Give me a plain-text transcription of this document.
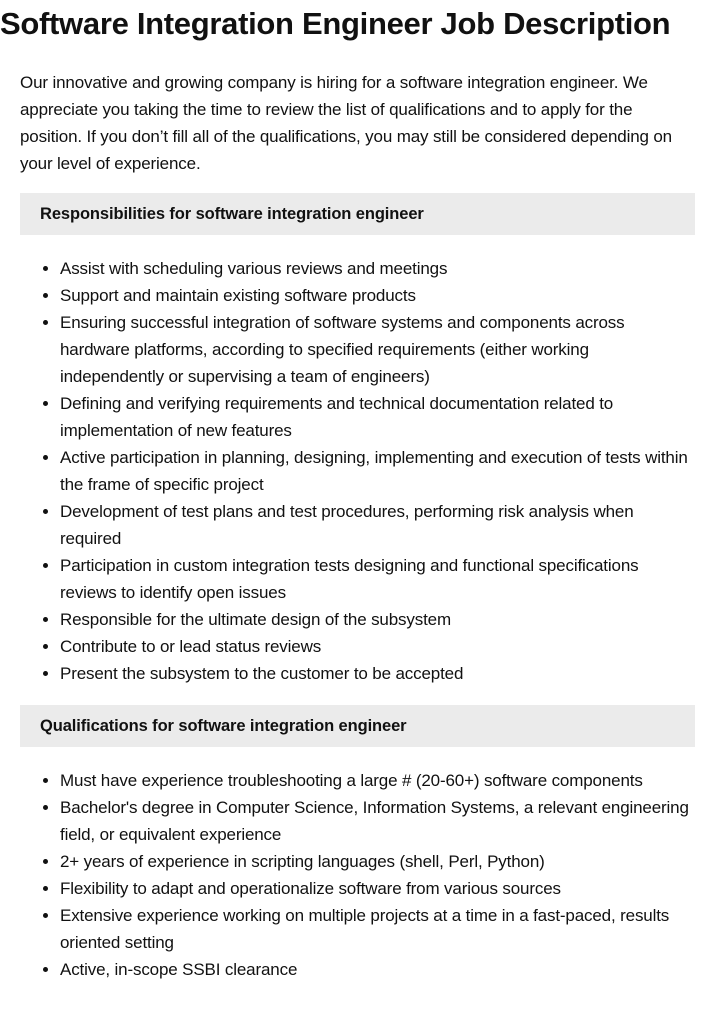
Software Integration Engineer Job Description

Our innovative and growing company is hiring for a software integration engineer. We appreciate you taking the time to review the list of qualifications and to apply for the position. If you don’t fill all of the qualifications, you may still be considered depending on your level of experience.

Responsibilities for software integration engineer
• Assist with scheduling various reviews and meetings
• Support and maintain existing software products
• Ensuring successful integration of software systems and components across hardware platforms, according to specified requirements (either working independently or supervising a team of engineers)
• Defining and verifying requirements and technical documentation related to implementation of new features
• Active participation in planning, designing, implementing and execution of tests within the frame of specific project
• Development of test plans and test procedures, performing risk analysis when required
• Participation in custom integration tests designing and functional specifications reviews to identify open issues
• Responsible for the ultimate design of the subsystem
• Contribute to or lead status reviews
• Present the subsystem to the customer to be accepted
Qualifications for software integration engineer
• Must have experience troubleshooting a large # (20-60+) software components
• Bachelor's degree in Computer Science, Information Systems, a relevant engineering field, or equivalent experience
• 2+ years of experience in scripting languages (shell, Perl, Python)
• Flexibility to adapt and operationalize software from various sources
• Extensive experience working on multiple projects at a time in a fast-paced, results oriented setting
• Active, in-scope SSBI clearance
